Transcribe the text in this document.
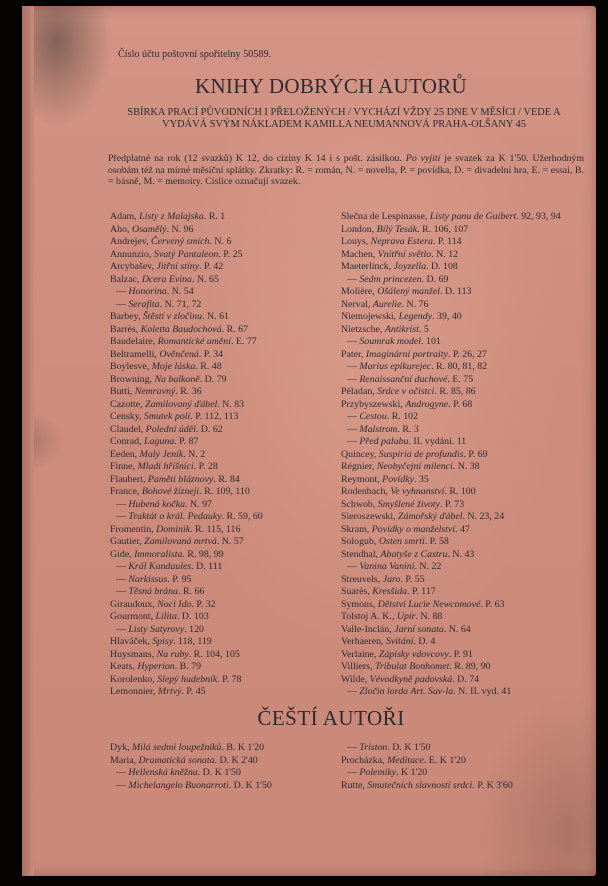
Číslo účtu poštovní spořitelny 50589.
KNIHY DOBRÝCH AUTORŮ
SBÍRKA PRACÍ PŮVODNÍCH I PŘELOŽENÝCH / VYCHÁZÍ VŽDY 25 DNE V MĚSÍCI / VEDE A VYDÁVÁ SVÝM NÁKLADEM KAMILLA NEUMANNOVÁ PRAHA-OLŠANY 45
Předplatné na rok (12 svazků) K 12, do ciziny K 14 i s pošt. zásilkou. Po vyjití je svazek za K 1'50. Užerhodným osobám též na mírné měsíční splátky. Zkratky: R. = román, N. = novella, P. = povídka, D. = divadelní hra, E. = essai, B. = básně, M. = memoiry. Císlice označují svazek.
Adam, Listy z Malajska. R. 1
Aho, Osamělý. N. 96
Andrejev, Červený smích. N. 6
Annunzio, Svatý Pantaleon. P. 25
Arcybašev, Jitřní stíny. P. 42
Balzac, Dcera Evina. N. 65
— Honorina. N. 54
— Serafita. N. 71, 72
Barbey, Štěstí v zločinu. N. 61
Barrès, Koletta Baudochová. R. 67
Baudelaire, Romantické umění. E. 77
Beltramelli, Ověnčená. P. 34
Boylesve, Moje láska. R. 48
Browning, Na balkoně. D. 79
Butti, Nemravný. R. 36
Cazotte, Zamilovaný ďábel. N. 83
Censky, Smutek polí. P. 112, 113
Claudel, Polední úděl. D. 62
Conrad, Laguna. P. 87
Eeden, Malý Jeník. N. 2
Finne, Mladí hříšníci. P. 28
Flaubert, Paměti bláznovy. R. 84
France, Bohové žízneji. R. 109, 110
— Hubená kočka. N. 97
— Traktát o král. Pedauky. R. 59, 60
Fromentin, Dominik. R. 115, 116
Gautier, Zamilovaná mrtvá. N. 57
Gide, Immoralista. R. 98, 99
— Král Kandaules. D. 111
— Narkissus. P. 95
— Těsná brána. R. 66
Giraudoux, Noci Ido. P. 32
Gourmont, Lilita. D. 103
— Listy Satyrovy. 120
Hlaváček, Spisy. 118, 119
Huysmans, Na ruby. R. 104, 105
Keats, Hyperion. B. 79
Korolenko, Slepý hudebník. P. 78
Lemonnier, Mrtvý. P. 45
Slečna de Lespinasse, Listy panu de Guibert. 92, 93, 94
London, Bílý Tesák. R. 106, 107
Louys, Neprava Estera. P. 114
Machen, Vnitřní světlo. N. 12
Maeterlinck, Joyzella. D. 108
— Sedm princezen. D. 69
Molière, Ošálený manžel. D. 113
Nerval, Aurelie. N. 76
Niemojewski, Legendy. 39, 40
Nietzsche, Antikrist. 5
— Soumrak model. 101
Pater, Imaginární portraity. P. 26, 27
— Marius epikurejec. R. 80, 81, 82
— Renaissanční duchové. E. 75
Péladan, Srdce v očistci. R. 85, 86
Przybyszewski, Androgyne. P. 68
— Cestou. R. 102
— Malstrom. R. 3
— Před palubu. II. vydání. 11
Quincey, Suspiria de profundis. P. 69
Régnier, Neobyčejní milenci. N. 38
Reymont, Povídky. 35
Rodenbach, Ve vyhnanství. R. 100
Schwob, Smyšlené životy. P. 73
Sieroszewski, Zámořský ďábel. N. 23, 24
Skram, Povídky o manželství. 47
Sologub, Osten smrti. P. 58
Stendhal, Abatyše z Castru. N. 43
— Vanina Vanini. N. 22
Streuvels, Jaro. P. 55
Suarès, Kresšida. P. 117
Symons, Dětství Lucie Newcomové. P. 63
Tolstoj A. K., Upír. N. 88
Valle-Inclán, Jarní sonata. N. 64
Verhaeren, Svítání. D. 4
Verlaine, Zápisky vdovcovy. P. 91
Villiers, Tribulat Bonhomet. R. 89, 90
Wilde, Vévodkyně padovská. D. 74
— Zločin lorda Art. Sav-la. N. II. vyd. 41
ČEŠTÍ AUTOŘI
Dyk, Milá sedmi loupežníků. B. K 1'20
Maria, Dramatická sonata. D. K 2'40
— Hellenská kněžna. D. K 1'50
— Michelangelo Buonarroti. D. K 1'50
— Triston. D. K 1'50
Procházka, Meditace. E. K 1'20
— Polemiky. K 1'20
Rutte, Smutečních slavností srdci. P. K 3'60
